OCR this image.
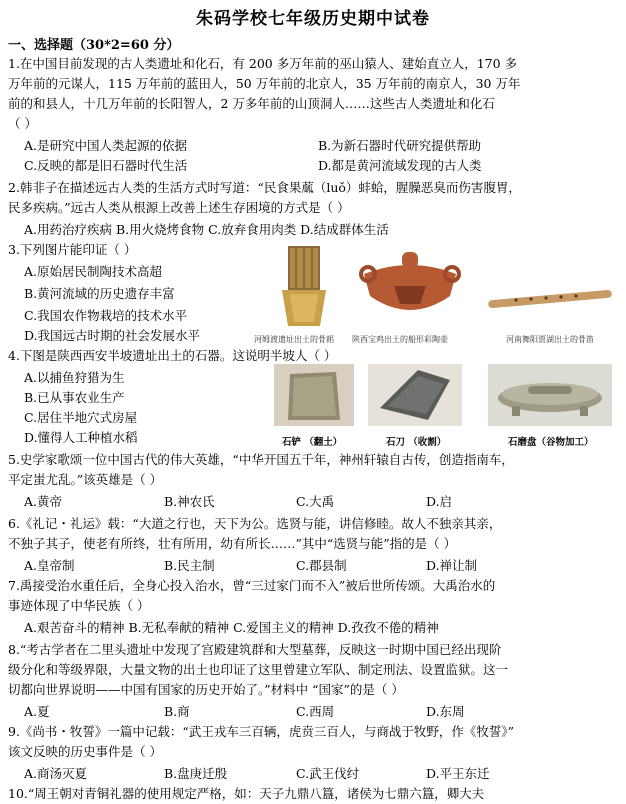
朱码学校七年级历史期中试卷
一、选择题（30*2=60 分）
1.在中国目前发现的古人类遗址和化石，有 200 多万年前的巫山猿人、建始直立人，170 多
万年前的元谋人，115 万年前的蓝田人，50 万年前的北京人，35 万年前的南京人，30 万年
前的和县人，十几万年前的长阳智人，2 万多年前的山顶洞人……这些古人类遗址和化石
（ ）
A.是研究中国人类起源的依据	B.为新石器时代研究提供帮助
C.反映的都是旧石器时代生活	D.都是黄河流域发现的古人类
2.韩非子在描述远古人类的生活方式时写道：“民食果蓏（luǒ）蚌蛤，腥臊恶臭而伤害腹胃，
民多疾病。”远古人类从根源上改善上述生存困境的方式是（ ）
A.用药治疗疾病 B.用火烧烤食物 C.放弃食用肉类 D.结成群体生活
3.下列图片能印证（ ）
A.原始居民制陶技术高超
B.黄河流域的历史遗存丰富
C.我国农作物栽培的技术水平
D.我国远古时期的社会发展水平	河姆渡遗址出土的骨耜 陕西宝鸡出土的船形彩陶壶	河南舞阳贾湖出土的骨笛
4.下图是陕西西安半坡遗址出土的石器。这说明半坡人（ ）
A.以捕鱼狩猎为生
B.已从事农业生产
C.居住半地穴式房屋
D.懂得人工种植水稻	石铲 （翻土）	石刀 （收割）	石磨盘（谷物加工）
5.史学家歌颂一位中国古代的伟大英雄，“中华开国五千年，神州轩辕自古传，创造指南车，
平定蚩尤乱。”该英雄是（ ）
A.黄帝	B.神农氏	C.大禹	D.启
6.《礼记・礼运》载：“大道之行也，天下为公。选贤与能，讲信修睦。故人不独亲其亲，
不独子其子，使老有所终，壮有所用，幼有所长……”其中“选贤与能”指的是（ ）
A.皇帝制	B.民主制	C.郡县制	D.禅让制
7.禹接受治水重任后，全身心投入治水，曾“三过家门而不入”被后世所传颂。大禹治水的
事迹体现了中华民族（ ）
A.艰苦奋斗的精神 B.无私奉献的精神 C.爱国主义的精神 D.孜孜不倦的精神
8.“考古学者在二里头遗址中发现了宫殿建筑群和大型墓葬，反映这一时期中国已经出现阶
级分化和等级界限，大量文物的出土也印证了这里曾建立军队、制定刑法、设置监狱。这一
切都向世界说明——中国有国家的历史开始了。”材料中 “国家”的是（ ）
A.夏	B.商	C.西周	D.东周
9.《尚书・牧誓》一篇中记载：“武王戎车三百辆，虎贲三百人，与商战于牧野，作《牧誓》”
该文反映的历史事件是（ ）
A.商汤灭夏	B.盘庚迁殷	C.武王伐纣	D.平王东迁
10.“周王朝对青铜礼器的使用规定严格，如：天子九鼎八簋，诸侯为七鼎六簋，卿大夫
